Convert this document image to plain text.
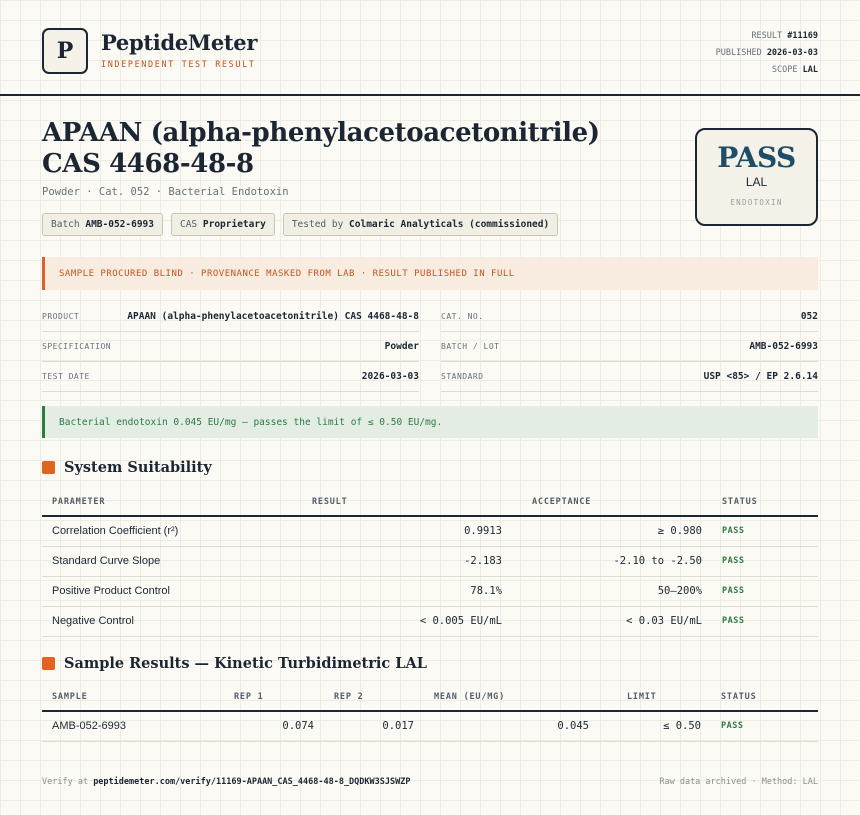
P	PeptideMeter
INDEPENDENT TEST RESULT
RESULT #11169
PUBLISHED 2026-03-03
SCOPE LAL
APAAN (alpha-phenylacetoacetonitrile) CAS 4468-48-8
Powder · Cat. 052 · Bacterial Endotoxin
Batch AMB-052-6993	CAS Proprietary	Tested by Colmaric Analyticals (commissioned)
PASS
LAL
ENDOTOXIN
SAMPLE PROCURED BLIND · PROVENANCE MASKED FROM LAB · RESULT PUBLISHED IN FULL
PRODUCT	APAAN (alpha-phenylacetoacetonitrile) CAS 4468-48-8
SPECIFICATION	Powder
TEST DATE	2026-03-03
CAT. NO.	052
BATCH / LOT	AMB-052-6993
STANDARD	USP <85> / EP 2.6.14
Bacterial endotoxin 0.045 EU/mg — passes the limit of ≤ 0.50 EU/mg.
System Suitability
PARAMETER	RESULT	ACCEPTANCE	STATUS
Correlation Coefficient (r²)	0.9913	≥ 0.980	PASS
Standard Curve Slope	-2.183	-2.10 to -2.50	PASS
Positive Product Control	78.1%	50–200%	PASS
Negative Control	< 0.005 EU/mL	< 0.03 EU/mL	PASS
Sample Results — Kinetic Turbidimetric LAL
SAMPLE	REP 1	REP 2	MEAN (EU/MG)	LIMIT	STATUS
AMB-052-6993	0.074	0.017	0.045	≤ 0.50	PASS
Verify at peptidemeter.com/verify/11169-APAAN_CAS_4468-48-8_DQDKW3SJSWZP	Raw data archived · Method: LAL
